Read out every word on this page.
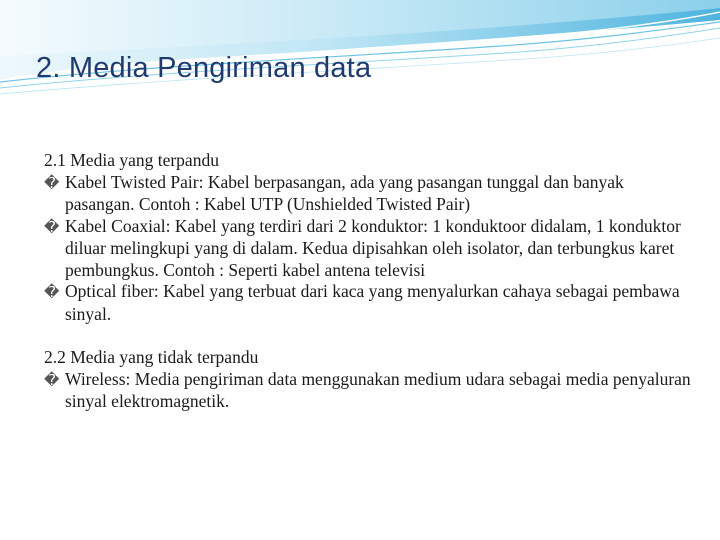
2. Media Pengiriman data

2.1 Media yang terpandu

� Kabel Twisted Pair: Kabel berpasangan, ada yang pasangan tunggal dan banyak pasangan. Contoh : Kabel UTP (Unshielded Twisted Pair)

� Kabel Coaxial: Kabel yang terdiri dari 2 konduktor: 1 konduktoor didalam, 1 konduktor diluar melingkupi yang di dalam. Kedua dipisahkan oleh isolator, dan terbungkus karet pembungkus. Contoh : Seperti kabel antena televisi

� Optical fiber: Kabel yang terbuat dari kaca yang menyalurkan cahaya sebagai pembawa sinyal.

2.2 Media yang tidak terpandu

� Wireless: Media pengiriman data menggunakan medium udara sebagai media penyaluran sinyal elektromagnetik.
